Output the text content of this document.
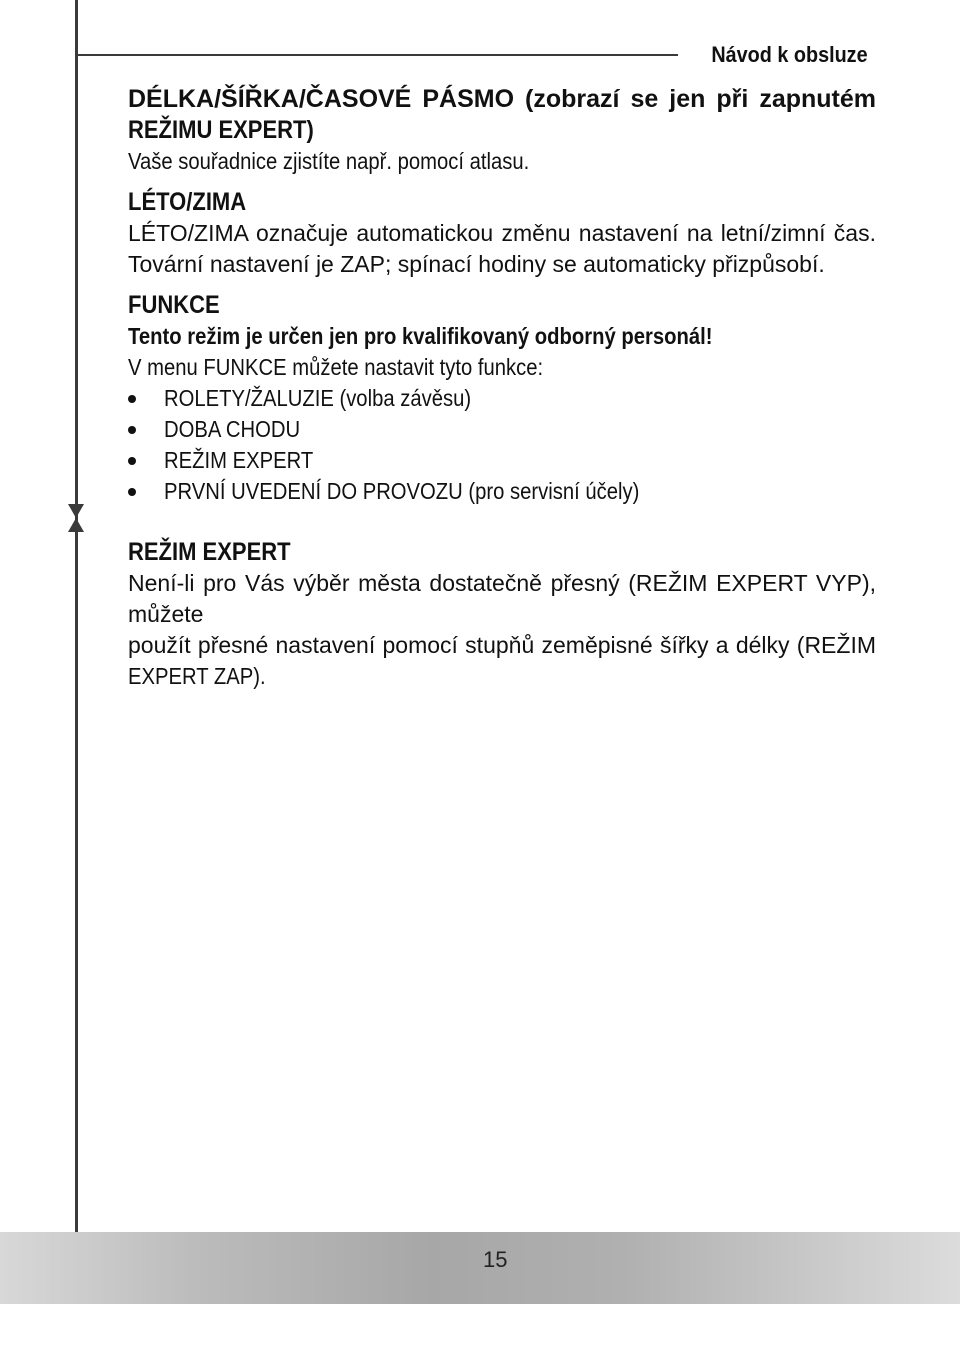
Návod k obsluze
DÉLKA/ŠÍŘKA/ČASOVÉ PÁSMO (zobrazí se jen při zapnutém
REŽIMU EXPERT)
Vaše souřadnice zjistíte např. pomocí atlasu.
LÉTO/ZIMA
LÉTO/ZIMA označuje automatickou změnu nastavení na letní/zimní čas.
Tovární nastavení je ZAP; spínací hodiny se automaticky přizpůsobí.
FUNKCE
Tento režim je určen jen pro kvalifikovaný odborný personál!
V menu FUNKCE můžete nastavit tyto funkce:
ROLETY/ŽALUZIE (volba závěsu)
DOBA CHODU
REŽIM EXPERT
PRVNÍ UVEDENÍ DO PROVOZU (pro servisní účely)
REŽIM EXPERT
Není-li pro Vás výběr města dostatečně přesný (REŽIM EXPERT VYP), můžete
použít přesné nastavení pomocí stupňů zeměpisné šířky a délky (REŽIM
EXPERT ZAP).
15
